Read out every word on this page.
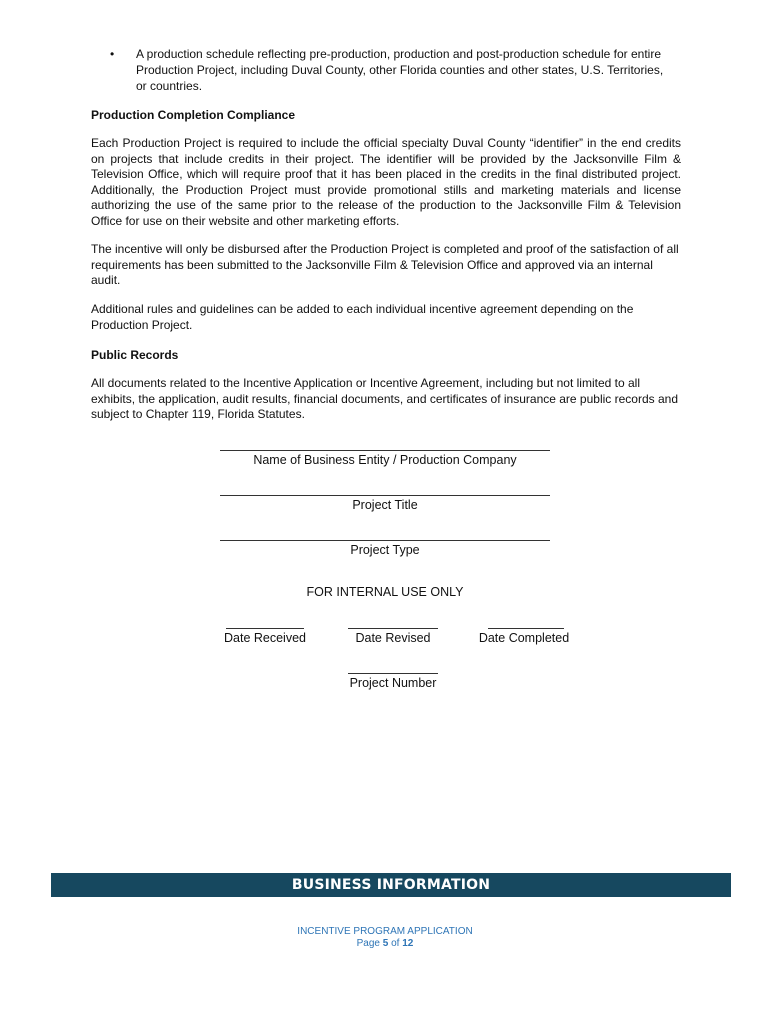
• A production schedule reflecting pre-production, production and post-production schedule for entire Production Project, including Duval County, other Florida counties and other states, U.S. Territories, or countries.
Production Completion Compliance
Each Production Project is required to include the official specialty Duval County “identifier” in the end credits on projects that include credits in their project. The identifier will be provided by the Jacksonville Film & Television Office, which will require proof that it has been placed in the credits in the final distributed project. Additionally, the Production Project must provide promotional stills and marketing materials and license authorizing the use of the same prior to the release of the production to the Jacksonville Film & Television Office for use on their website and other marketing efforts.
The incentive will only be disbursed after the Production Project is completed and proof of the satisfaction of all requirements has been submitted to the Jacksonville Film & Television Office and approved via an internal audit.
Additional rules and guidelines can be added to each individual incentive agreement depending on the Production Project.
Public Records
All documents related to the Incentive Application or Incentive Agreement, including but not limited to all exhibits, the application, audit results, financial documents, and certificates of insurance are public records and subject to Chapter 119, Florida Statutes.
Name of Business Entity / Production Company
Project Title
Project Type
FOR INTERNAL USE ONLY
Date Received	Date Revised	Date Completed
Project Number
BUSINESS INFORMATION
INCENTIVE PROGRAM APPLICATION
Page 5 of 12
